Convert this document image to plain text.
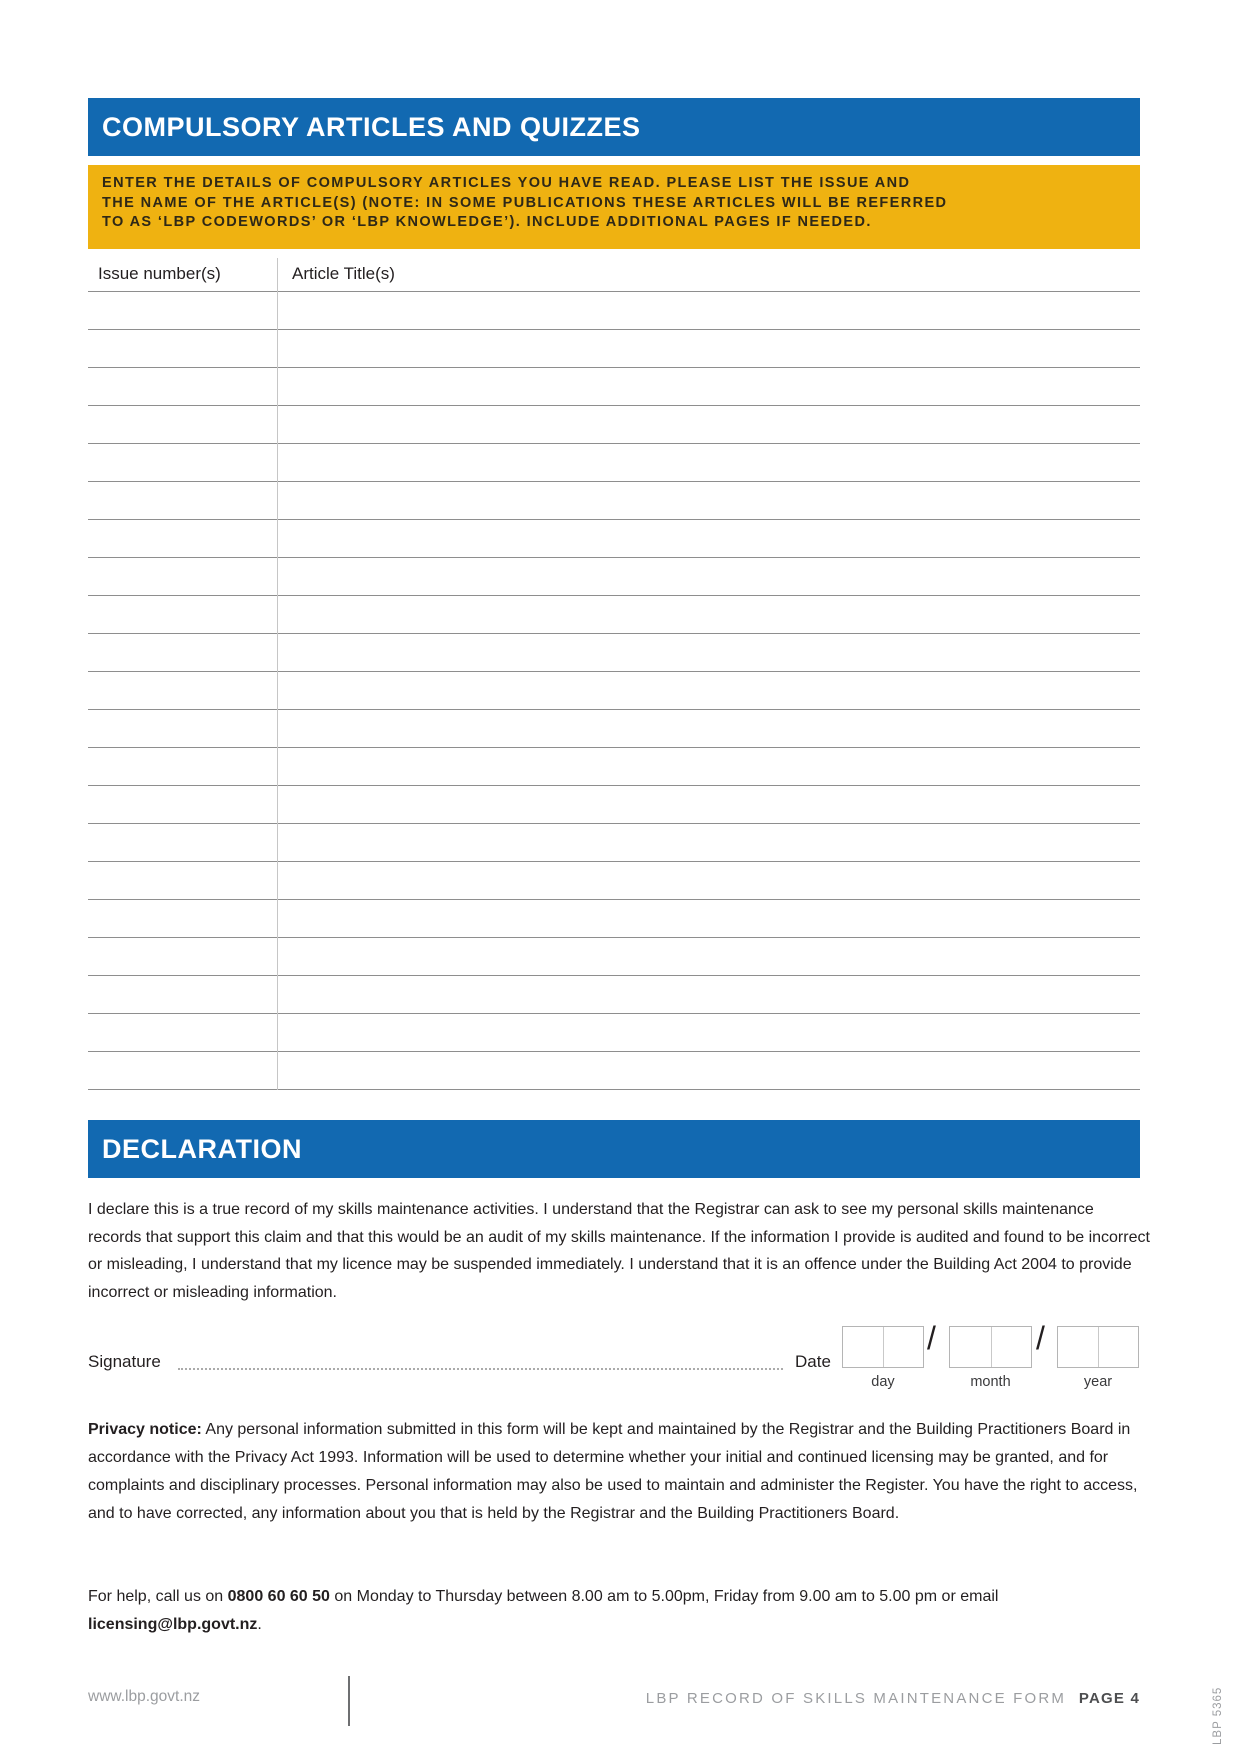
COMPULSORY ARTICLES AND QUIZZES
ENTER THE DETAILS OF COMPULSORY ARTICLES YOU HAVE READ. PLEASE LIST THE ISSUE AND
THE NAME OF THE ARTICLE(S) (NOTE: IN SOME PUBLICATIONS THESE ARTICLES WILL BE REFERRED
TO AS ‘LBP CODEWORDS’ OR ‘LBP KNOWLEDGE’). INCLUDE ADDITIONAL PAGES IF NEEDED.
Issue number(s)	Article Title(s)
DECLARATION
I declare this is a true record of my skills maintenance activities. I understand that the Registrar can ask to see my personal skills maintenance records that support this claim and that this would be an audit of my skills maintenance. If the information I provide is audited and found to be incorrect or misleading, I understand that my licence may be suspended immediately. I understand that it is an offence under the Building Act 2004 to provide incorrect or misleading information.
Signature	Date
/	/
day	month	year
Privacy notice: Any personal information submitted in this form will be kept and maintained by the Registrar and the Building Practitioners Board in accordance with the Privacy Act 1993. Information will be used to determine whether your initial and continued licensing may be granted, and for complaints and disciplinary processes. Personal information may also be used to maintain and administer the Register. You have the right to access, and to have corrected, any information about you that is held by the Registrar and the Building Practitioners Board.
For help, call us on 0800 60 60 50 on Monday to Thursday between 8.00 am to 5.00pm, Friday from 9.00 am to 5.00 pm or email licensing@lbp.govt.nz.
www.lbp.govt.nz	LBP RECORD OF SKILLS MAINTENANCE FORM PAGE 4	LBP 5365
